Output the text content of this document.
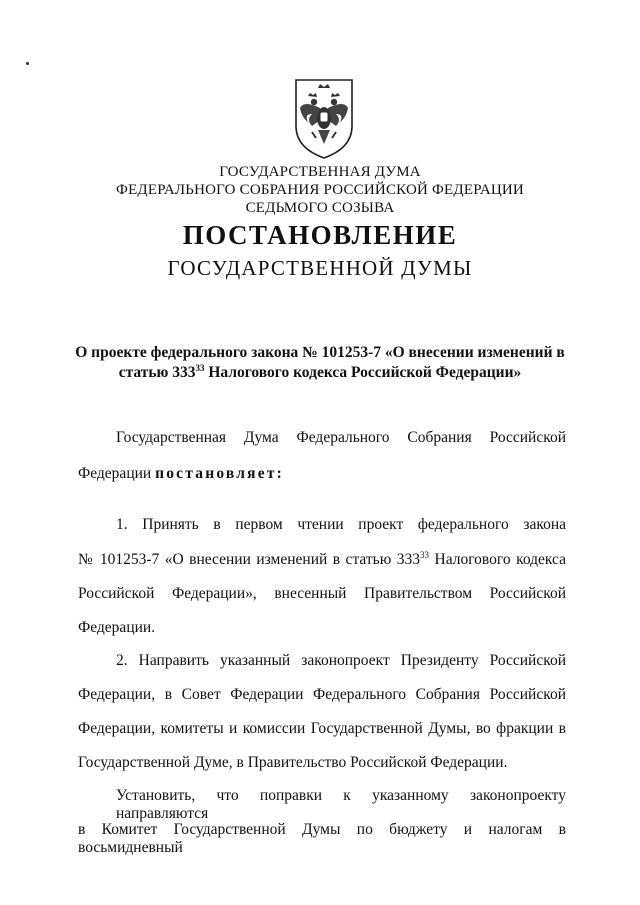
ГОСУДАРСТВЕННАЯ ДУМА
ФЕДЕРАЛЬНОГО СОБРАНИЯ РОССИЙСКОЙ ФЕДЕРАЦИИ
СЕДЬМОГО СОЗЫВА
ПОСТАНОВЛЕНИЕ
ГОСУДАРСТВЕННОЙ ДУМЫ
О проекте федерального закона № 101253-7 «О внесении изменений в
статью $333^{33}$ Налогового кодекса Российской Федерации»
Государственная Дума Федерального Собрания Российской
Федерации постановляет:
1. Принять в первом чтении проект федерального закона
№ 101253-7 «О внесении изменений в статью $333^{33}$ Налогового кодекса
Российской Федерации», внесенный Правительством Российской
Федерации.
2. Направить указанный законопроект Президенту Российской
Федерации, в Совет Федерации Федерального Собрания Российской
Федерации, комитеты и комиссии Государственной Думы, во фракции в
Государственной Думе, в Правительство Российской Федерации.
Установить, что поправки к указанному законопроекту направляются
в Комитет Государственной Думы по бюджету и налогам в восьмидневный
